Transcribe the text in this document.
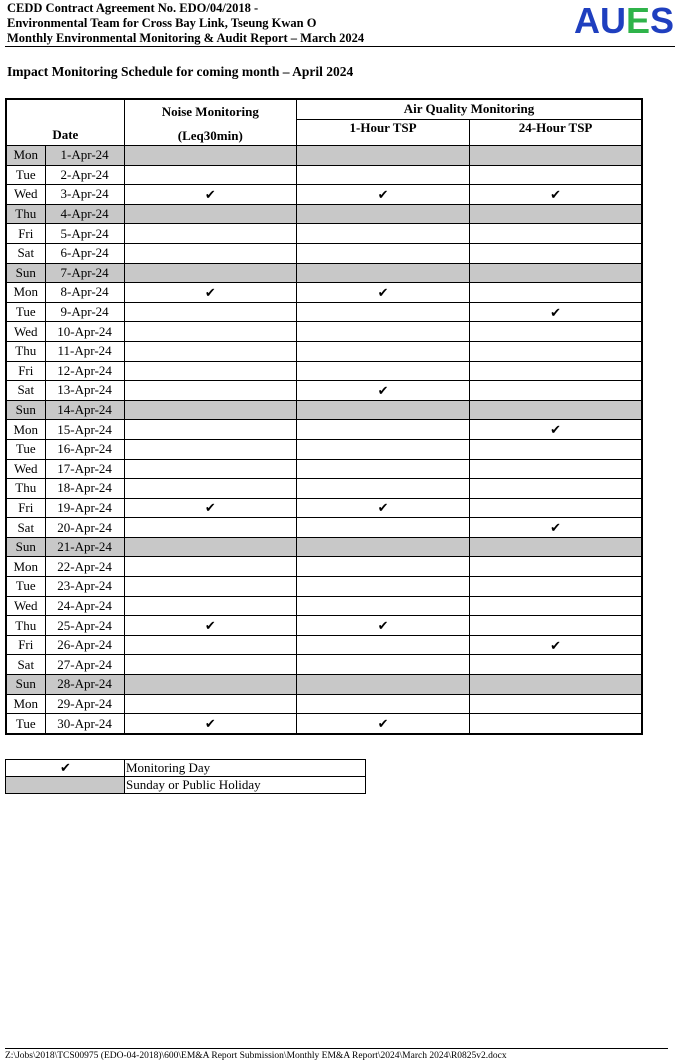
CEDD Contract Agreement No. EDO/04/2018 -
Environmental Team for Cross Bay Link, Tseung Kwan O
Monthly Environmental Monitoring & Audit Report – March 2024	AUES
Impact Monitoring Schedule for coming month – April 2024
Date		Noise Monitoring
(Leq30min)	Air Quality Monitoring	
			1-Hour TSP	24-Hour TSP
Mon	1-Apr-24			
Tue	2-Apr-24			
Wed	3-Apr-24	✔	✔	✔
Thu	4-Apr-24			
Fri	5-Apr-24			
Sat	6-Apr-24			
Sun	7-Apr-24			
Mon	8-Apr-24	✔	✔	
Tue	9-Apr-24			✔
Wed	10-Apr-24			
Thu	11-Apr-24			
Fri	12-Apr-24			
Sat	13-Apr-24		✔	
Sun	14-Apr-24			
Mon	15-Apr-24			✔
Tue	16-Apr-24			
Wed	17-Apr-24			
Thu	18-Apr-24			
Fri	19-Apr-24	✔	✔	
Sat	20-Apr-24			✔
Sun	21-Apr-24			
Mon	22-Apr-24			
Tue	23-Apr-24			
Wed	24-Apr-24			
Thu	25-Apr-24	✔	✔	
Fri	26-Apr-24			✔
Sat	27-Apr-24			
Sun	28-Apr-24			
Mon	29-Apr-24			
Tue	30-Apr-24	✔	✔	
✔	Monitoring Day
	Sunday or Public Holiday
Z:\Jobs\2018\TCS00975 (EDO-04-2018)\600\EM&A Report Submission\Monthly EM&A Report\2024\March 2024\R0825v2.docx
